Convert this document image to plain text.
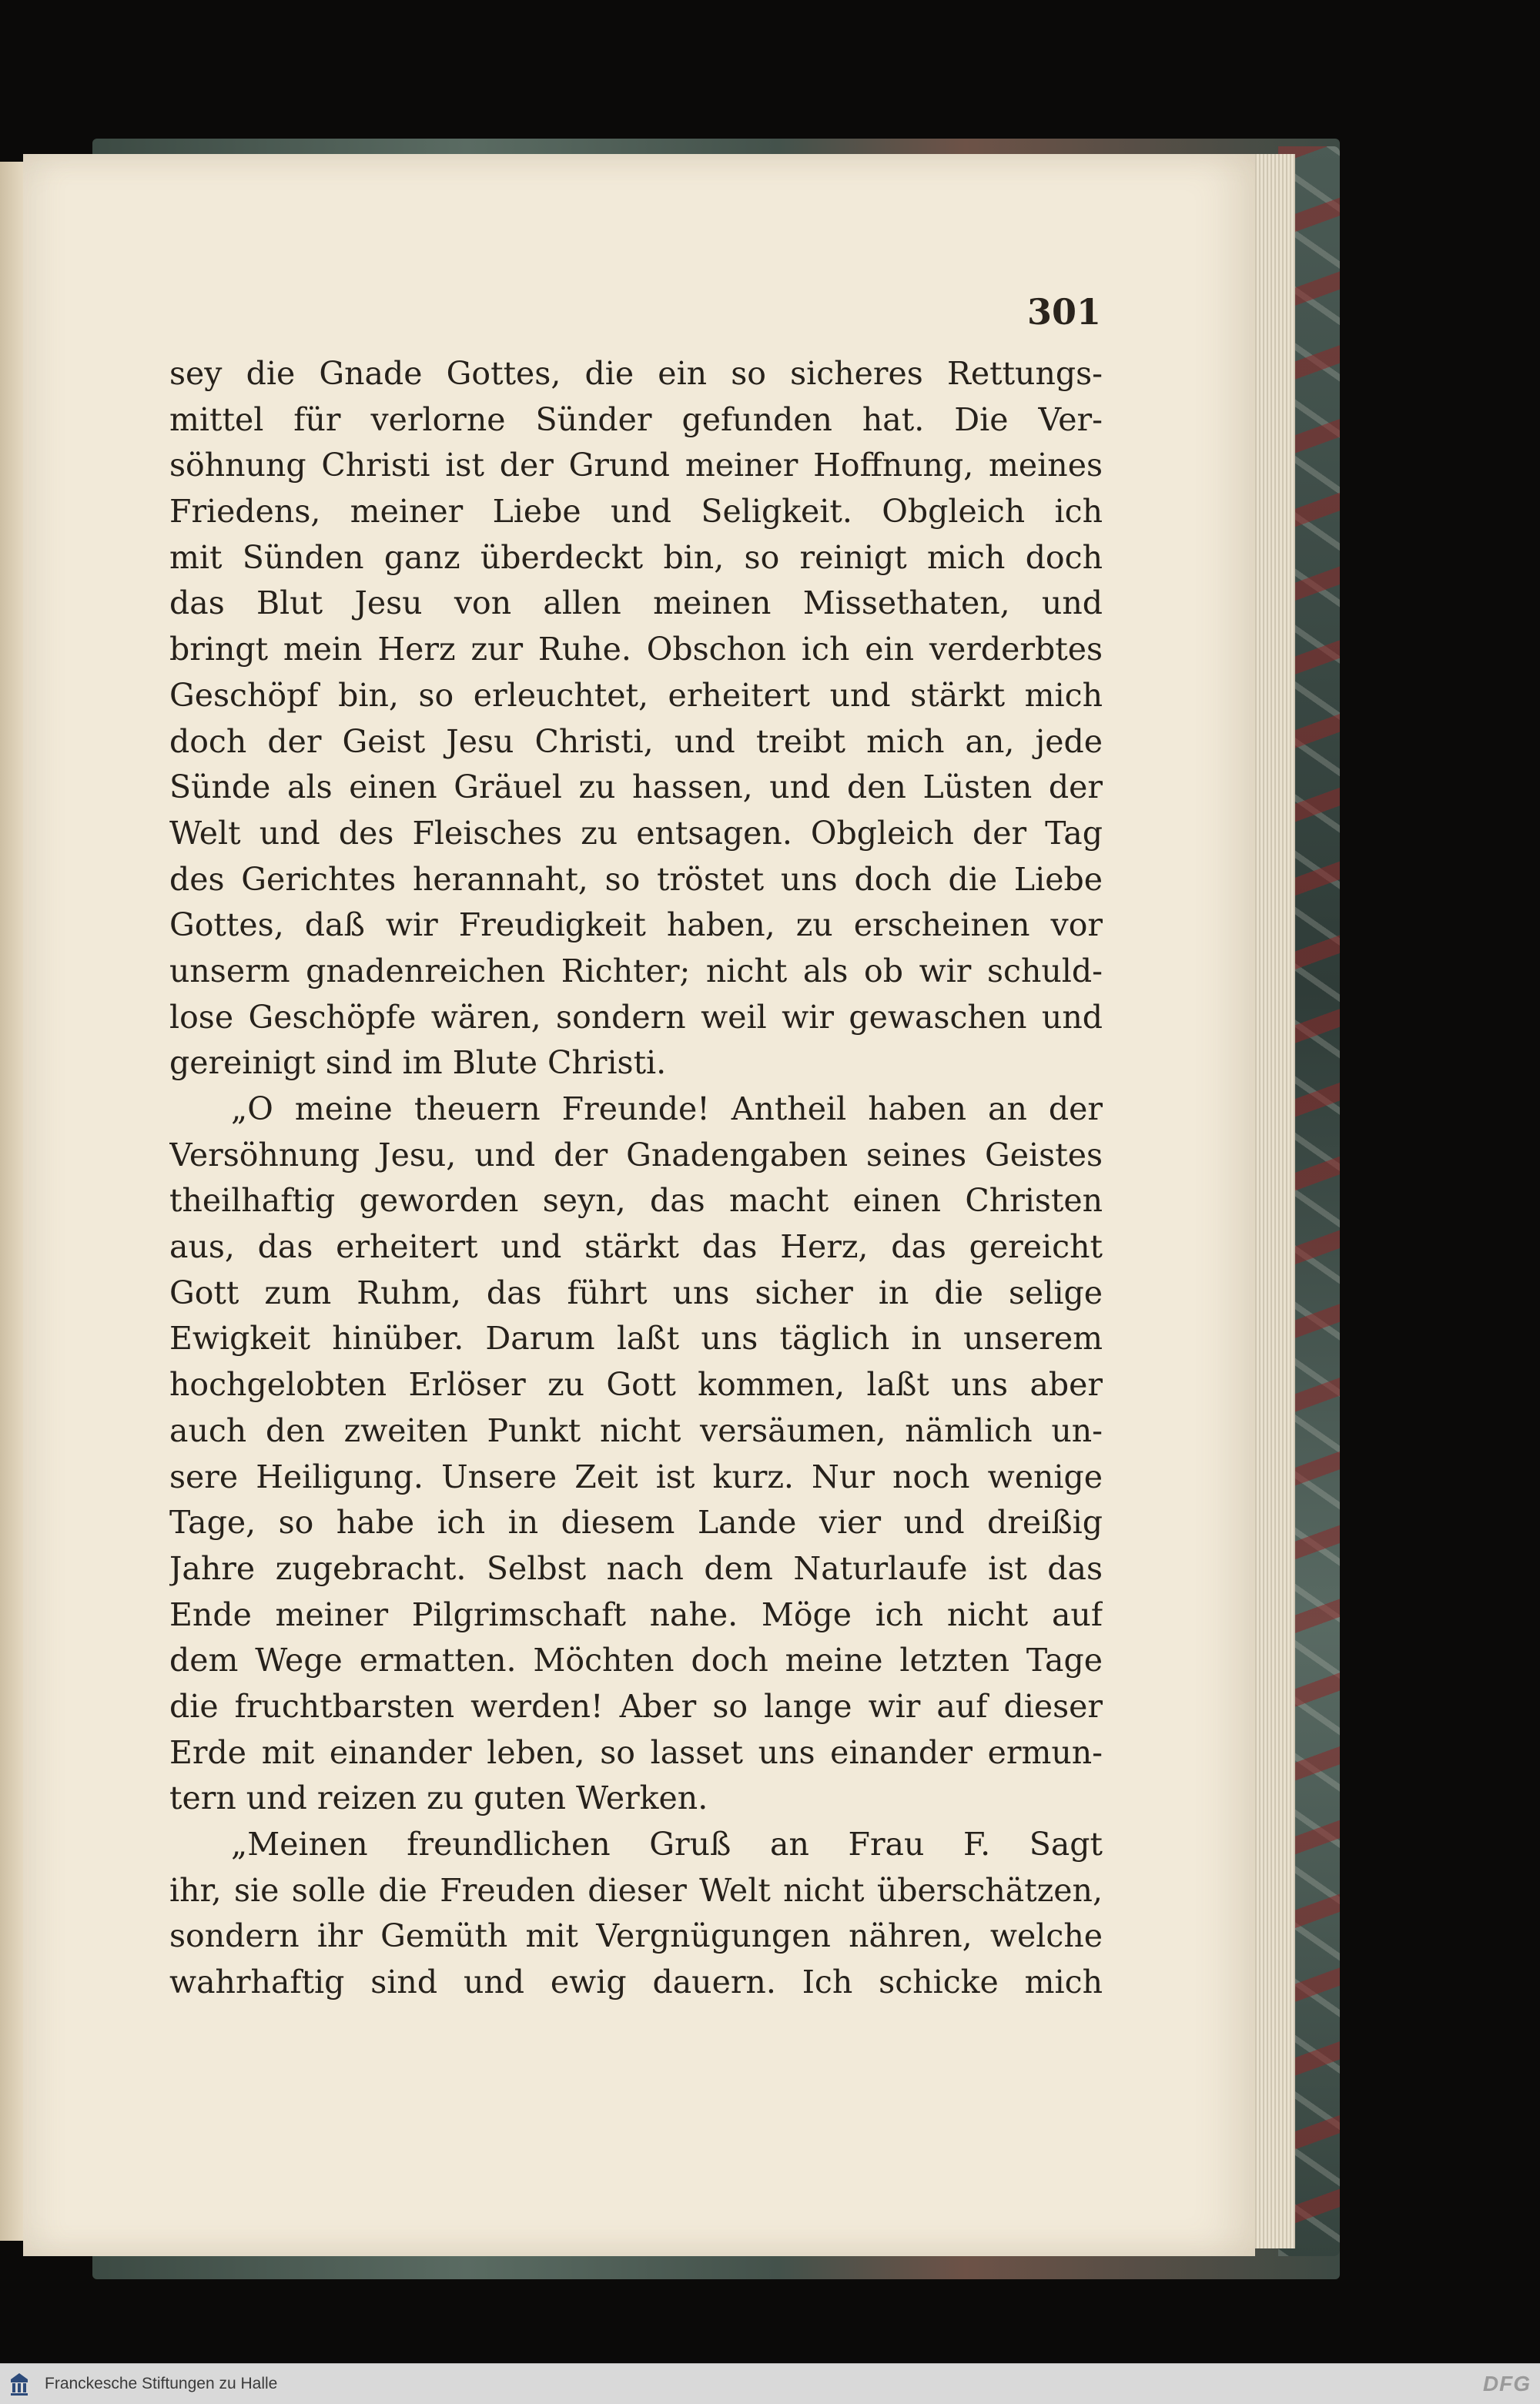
301
sey die Gnade Gottes, die ein so sicheres Rettungs-
mittel für verlorne Sünder gefunden hat. Die Ver-
söhnung Christi ist der Grund meiner Hoffnung, meines
Friedens, meiner Liebe und Seligkeit. Obgleich ich
mit Sünden ganz überdeckt bin, so reinigt mich doch
das Blut Jesu von allen meinen Missethaten, und
bringt mein Herz zur Ruhe. Obschon ich ein verderbtes
Geschöpf bin, so erleuchtet, erheitert und stärkt mich
doch der Geist Jesu Christi, und treibt mich an, jede
Sünde als einen Gräuel zu hassen, und den Lüsten der
Welt und des Fleisches zu entsagen. Obgleich der Tag
des Gerichtes herannaht, so tröstet uns doch die Liebe
Gottes, daß wir Freudigkeit haben, zu erscheinen vor
unserm gnadenreichen Richter; nicht als ob wir schuld-
lose Geschöpfe wären, sondern weil wir gewaschen und
gereinigt sind im Blute Christi.
„O meine theuern Freunde! Antheil haben an der
Versöhnung Jesu, und der Gnadengaben seines Geistes
theilhaftig geworden seyn, das macht einen Christen
aus, das erheitert und stärkt das Herz, das gereicht
Gott zum Ruhm, das führt uns sicher in die selige
Ewigkeit hinüber. Darum laßt uns täglich in unserem
hochgelobten Erlöser zu Gott kommen, laßt uns aber
auch den zweiten Punkt nicht versäumen, nämlich un-
sere Heiligung. Unsere Zeit ist kurz. Nur noch wenige
Tage, so habe ich in diesem Lande vier und dreißig
Jahre zugebracht. Selbst nach dem Naturlaufe ist das
Ende meiner Pilgrimschaft nahe. Möge ich nicht auf
dem Wege ermatten. Möchten doch meine letzten Tage
die fruchtbarsten werden! Aber so lange wir auf dieser
Erde mit einander leben, so lasset uns einander ermun-
tern und reizen zu guten Werken.
„Meinen freundlichen Gruß an Frau F. Sagt
ihr, sie solle die Freuden dieser Welt nicht überschätzen,
sondern ihr Gemüth mit Vergnügungen nähren, welche
wahrhaftig sind und ewig dauern. Ich schicke mich
Franckesche Stiftungen zu Halle	DFG
